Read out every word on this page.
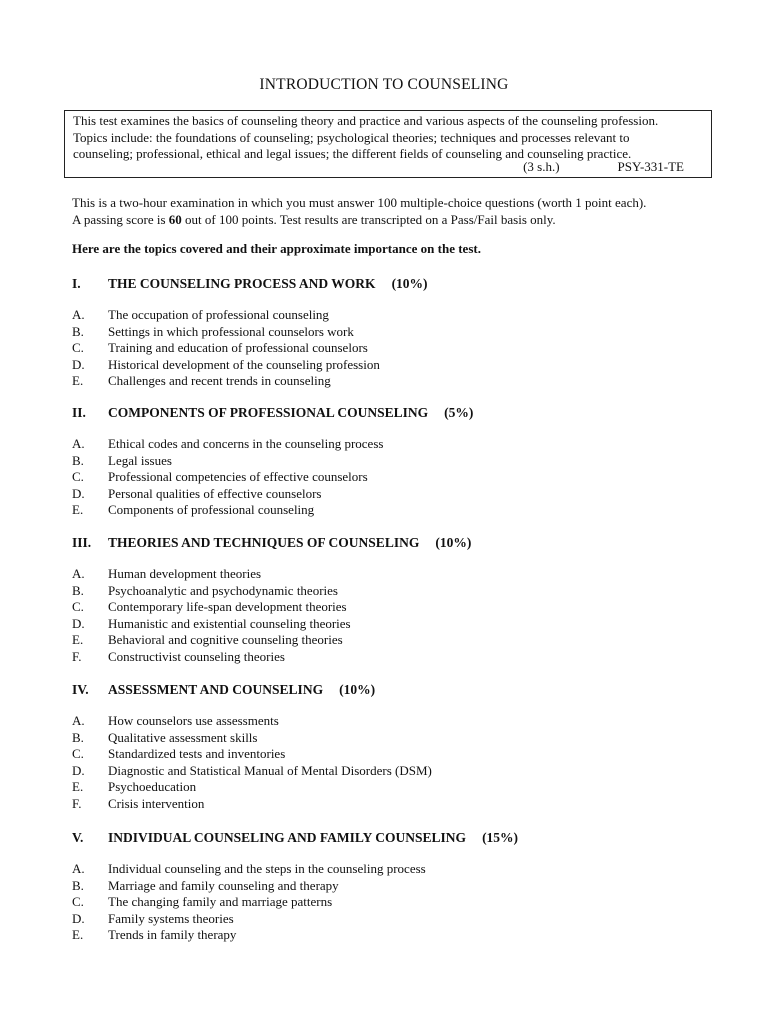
INTRODUCTION TO COUNSELING
This test examines the basics of counseling theory and practice and various aspects of the counseling profession.
Topics include: the foundations of counseling; psychological theories; techniques and processes relevant to
counseling; professional, ethical and legal issues; the different fields of counseling and counseling practice.
(3 s.h.)	PSY-331-TE
This is a two-hour examination in which you must answer 100 multiple-choice questions (worth 1 point each).
A passing score is 60 out of 100 points. Test results are transcripted on a Pass/Fail basis only.
Here are the topics covered and their approximate importance on the test.
I. THE COUNSELING PROCESS AND WORK (10%)
A. The occupation of professional counseling
B. Settings in which professional counselors work
C. Training and education of professional counselors
D. Historical development of the counseling profession
E. Challenges and recent trends in counseling
II. COMPONENTS OF PROFESSIONAL COUNSELING (5%)
A. Ethical codes and concerns in the counseling process
B. Legal issues
C. Professional competencies of effective counselors
D. Personal qualities of effective counselors
E. Components of professional counseling
III. THEORIES AND TECHNIQUES OF COUNSELING (10%)
A. Human development theories
B. Psychoanalytic and psychodynamic theories
C. Contemporary life-span development theories
D. Humanistic and existential counseling theories
E. Behavioral and cognitive counseling theories
F. Constructivist counseling theories
IV. ASSESSMENT AND COUNSELING (10%)
A. How counselors use assessments
B. Qualitative assessment skills
C. Standardized tests and inventories
D. Diagnostic and Statistical Manual of Mental Disorders (DSM)
E. Psychoeducation
F. Crisis intervention
V. INDIVIDUAL COUNSELING AND FAMILY COUNSELING (15%)
A. Individual counseling and the steps in the counseling process
B. Marriage and family counseling and therapy
C. The changing family and marriage patterns
D. Family systems theories
E. Trends in family therapy
